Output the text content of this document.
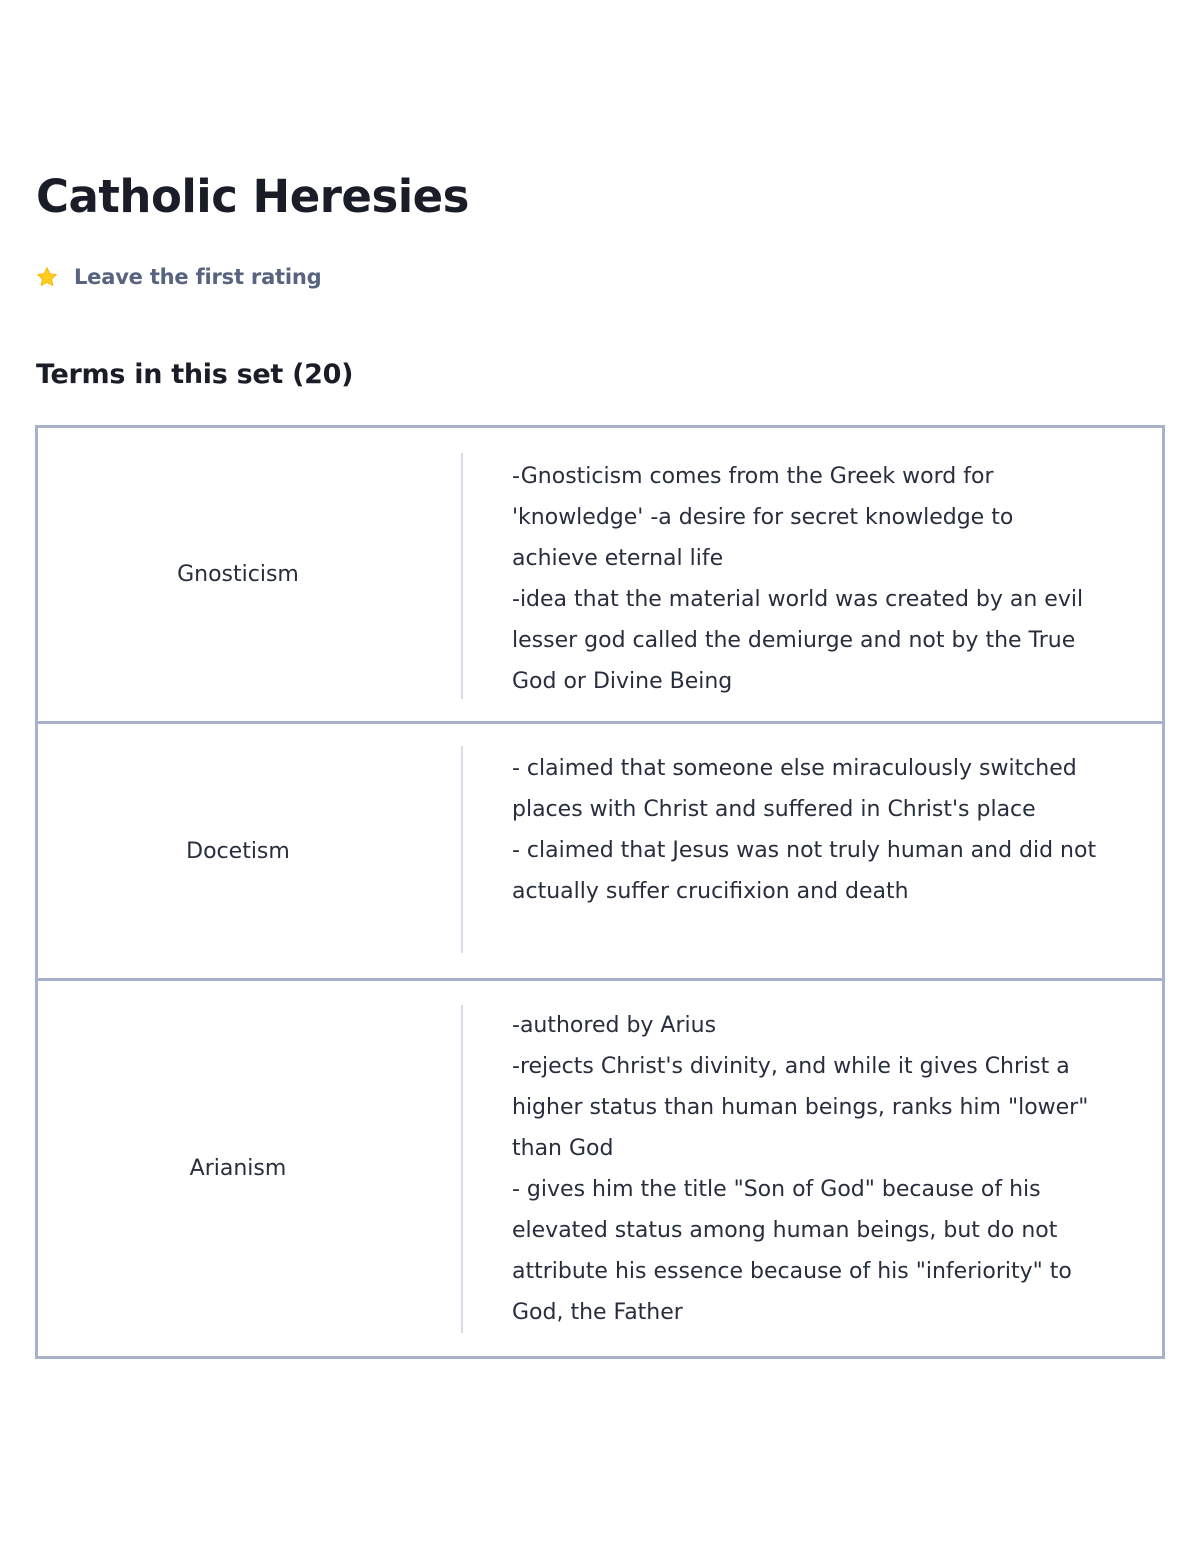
Catholic Heresies
Leave the first rating
Terms in this set (20)
Gnosticism
-Gnosticism comes from the Greek word for 'knowledge' -a desire for secret knowledge to achieve eternal life
-idea that the material world was created by an evil lesser god called the demiurge and not by the True God or Divine Being
Docetism
- claimed that someone else miraculously switched places with Christ and suffered in Christ's place
- claimed that Jesus was not truly human and did not actually suffer crucifixion and death
Arianism
-authored by Arius
-rejects Christ's divinity, and while it gives Christ a higher status than human beings, ranks him "lower" than God
- gives him the title "Son of God" because of his elevated status among human beings, but do not attribute his essence because of his "inferiority" to God, the Father
